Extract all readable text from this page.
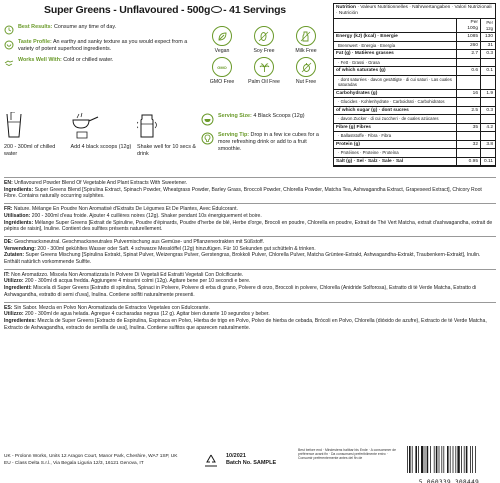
Super Greens - Unflavoured - 500g - 41 Servings
Best Results: Consume any time of day.
Taste Profile: An earthy and sanky texture as you would expect from a variety of potent superfood ingredients.
Works Well With: Cold or chilled water.
Vegan	Soy Free	Milk Free
GMO
GMO Free	Palm Oil Free	Nut Free
200 - 300ml of chilled water
Add 4 black scoops (12g) Shake well for 10 secs & drink
Serving Size: 4 Black Scoops (12g)
Serving Tip: Drop in a few ice cubes for a more refreshing drink or add to a fruit smoothie.
Nutrition · Valeurs Nutritionnelles · Nährwertangaben · Valori Nutrizionali · Nutrición
Per 100g
Per 12g
Energy (kJ) (kcal) · Energie	1085	130
Brennwert · Energia · Energía	260	31
Fat (g) · Matières grasses	2.7	0.3
· Fett · Grassi · Grasa
of which saturates (g)	0.6	0.1
· dont saturées · davon gesättigte · di cui saturi · Las cuales saturadas
Carbohydrates (g)	16	1.9
· Glucides · Kohlenhydrate · Carboidrati · Carbohidratos
of which sugar (g) · dont sucres	2.5	0.3
· davon Zucker · di cui zuccheri · de cuales azúcares
Fibre (g) Fibres	35	4.2
· Ballaststoffe · Fibra · Fibra
Protein (g)	32	3.8
· Protéines · Proteine · Proteína
Salt (g) · Sel · Salz · Sale · Sal	0.95	0.11
EN: Unflavoured Powder Blend Of Vegetable And Plant Extracts With Sweetener.
Ingredients: Super Greens Blend [Spirulina Extract, Spinach Powder, Wheatgrass Powder, Barley Grass, Broccoli Powder, Chlorella Powder, Matcha Tea, Ashwagandha Extract, Grapeseed Extract], Chicory Root Fibre. Contains naturally occurring sulphites.
FR: Nature. Mélange En Poudre Non Aromatisé d'Extraits De Légumes Et De Plantes, Avec Édulcorant.
Utilisation: 200 - 300ml d'eau froide. Ajouter 4 cuillères noires (12g). Shaker pendant 10s énergiquement et boire.
Ingrédients: Mélange Super Greens [Extrait de Spiruline, Poudre d'épinards, Poudre d'herbe de blé, Herbe d'orge, Brocoli en poudre, Chlorella en poudre, Extrait de Thé Vert Matcha, extrait d'ashwagandha, extrait de pépins de raisin], Inuline. Contient des sulfites présents naturellement.
DE: Geschmacksneutral. Geschmacksneutrales Pulvermischung aus Gemüse- und Pflanzenextrakten mit Süßstoff.
Verwendung: 200 - 300ml gekühltes Wasser oder Saft. 4 schwarze Messlöffel (12g) hinzufügen. Für 10 Sekunden gut schütteln & trinken.
Zutaten: Super Greens Mischung [Spirulina Extrakt, Spinat Pulver, Weizengras Pulver, Gerstengras, Brokkoli Pulver, Chlorella Pulver, Matcha Grüntee-Extrakt, Ashwagandha-Extrakt, Traubenkern-Extrakt], Inulin. Enthält natürlich vorkommende Sulfite.
IT: Non Aromatizzo. Miscela Non Aromatizzata In Polvere Di Vegetali Ed Estratti Vegetali Con Dolcificante.
Utilizzo: 200 - 300ml di acqua fredda. Aggiungere 4 misurini colmi (12g). Agitare bene per 10 secondi e bere.
Ingredienti: Miscela di Super Greens [Estratto di spirulina, Spinaci in Polvere, Polvere di erba di grano, Polvere di orzo, Broccoli in polvere, Chlorella (Anidride Solforosa), Estratto di tè Verde Matcha, Estratto di Ashwagandha, estratto di semi d'uva], Inulina. Contiene solfiti naturalmente presenti.
ES: Sin Sabor. Mezcla en Polvo Non Aromatizada de Extractos Vegetales con Edulcorante.
Utilizzo: 200 - 300ml de agua helada. Agregue 4 cucharadas negras (12 g). Agitar bien durante 10 segundos y beber.
Ingredientes: Mezcla de Super Greens [Extracto de Espirulina, Espinaca en Polvo, Hierba de trigo en Polvo, Polvo de hierba de cebada, Brócoli en Polvo, Chlorella (dióxido de azufre), Extracto de té Verde Matcha, Extracto de Ashwagandha, extracto de semilla de uva], Inulina. Contiene sulfitos que aparecen naturalmente.
UK - Prolonn Works, Units 12 Aragon Court, Manor Park, Cheshire, WA7 1SP, UK
EU - Class Delta S.r.l., Via Begala Liguria 12/3, 16121 Genova, IT
10/2021
Batch No. SAMPLE
Best before end · Mindestens haltbar bis Ende · A consommer de préférence avant fin · Da consumarsi preferibilmente entro · Consumir preferentemente antes del fin de
5 060339 308449
